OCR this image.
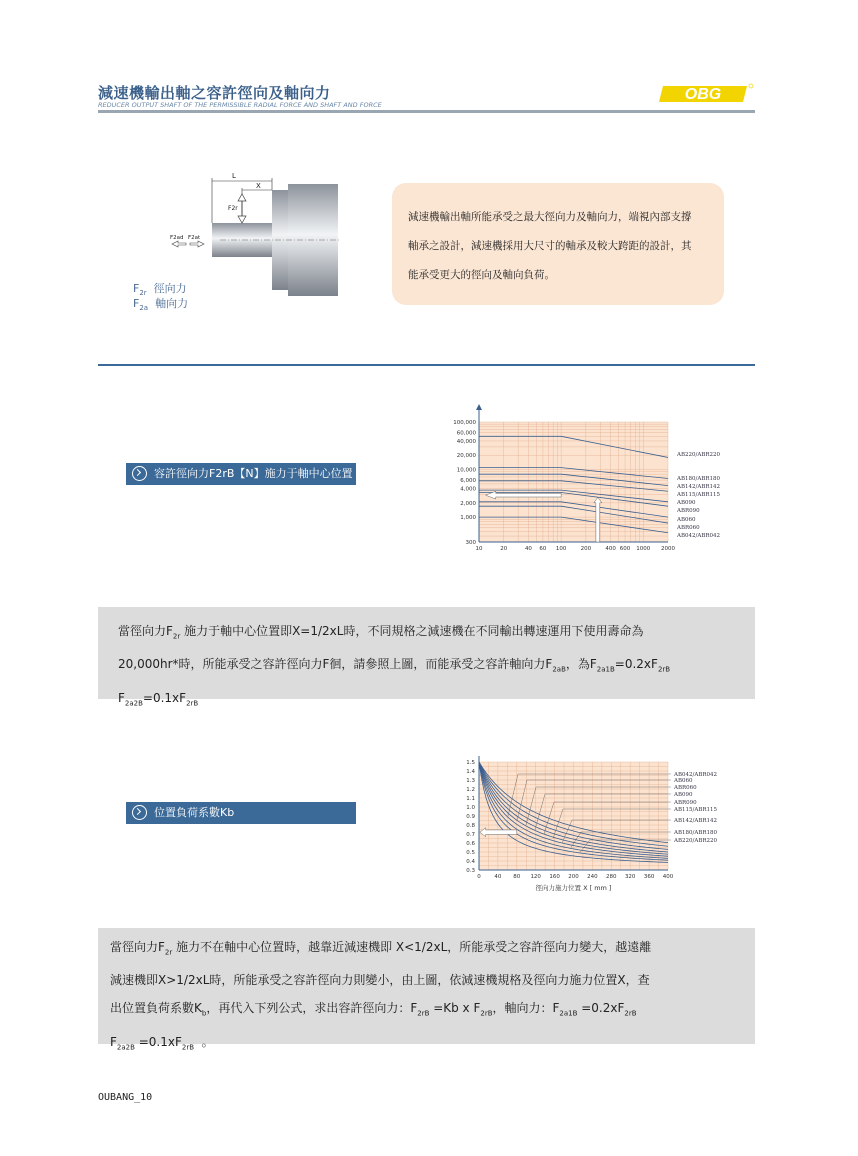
減速機輸出軸之容許徑向及軸向力
REDUCER OUTPUT SHAFT OF THE PERMISSIBLE RADIAL FORCE AND SHAFT AND FORCE
OBG
L
X
F2r
F2ad F2at
$F_{2r}$ 徑向力
$F_{2a}$ 軸向力
減速機輸出軸所能承受之最大徑向力及軸向力，端視內部支撐
軸承之設計，減速機採用大尺寸的軸承及較大跨距的設計，其
能承受更大的徑向及軸向負荷。
容許徑向力F2rB【N】施力于軸中心位置
300
1,000
2,000
4,000
6,000
10,000
20,000
40,000
60,000
100,000
10	20	40 60 100	200	400 600 1000 2000
AB220/ABR220
AB180/ABR180
AB142/ABR142
AB115/ABR115
AB090
ABR090
AB060
ABR060
AB042/ABR042
當徑向力$F_{2r}$ 施力于軸中心位置即X=1/2xL時，不同規格之減速機在不同輸出轉速運用下使用壽命為
20,000hr*時，所能承受之容許徑向力F徊，請參照上圖，而能承受之容許軸向力$F_{2aB}$，為$F_{2a1B}=0.2xF_{2rB}$
$F_{2a2B}=0.1xF_{2rB}$
位置負荷系數Kb
0.3
0.4
0.5
0.6
0.7
0.8
0.9
1.0
1.1
1.2
1.3
1.4
1.5
0 40 80 120 160 200 240 280 320 360 400
徑向力施力位置 X [ mm ]
AB042/ABR042
AB060
ABR060
AB090
ABR090
AB115/ABR115
AB142/ABR142
AB180/ABR180
AB220/ABR220
當徑向力$F_{2r}$ 施力不在軸中心位置時，越靠近減速機即 X<1/2xL，所能承受之容許徑向力變大，越遠離
減速機即X>1/2xL時，所能承受之容許徑向力則變小，由上圖，依減速機規格及徑向力施力位置X，查
出位置負荷系數$K_b$，再代入下列公式，求出容許徑向力：$F_{2rB} =Kb$ x $F_{2rB}$，軸向力：$F_{2a1B} =0.2xF_{2rB}$
$F_{2a2B} =0.1xF_{2rB}$ 。
OUBANG_10
